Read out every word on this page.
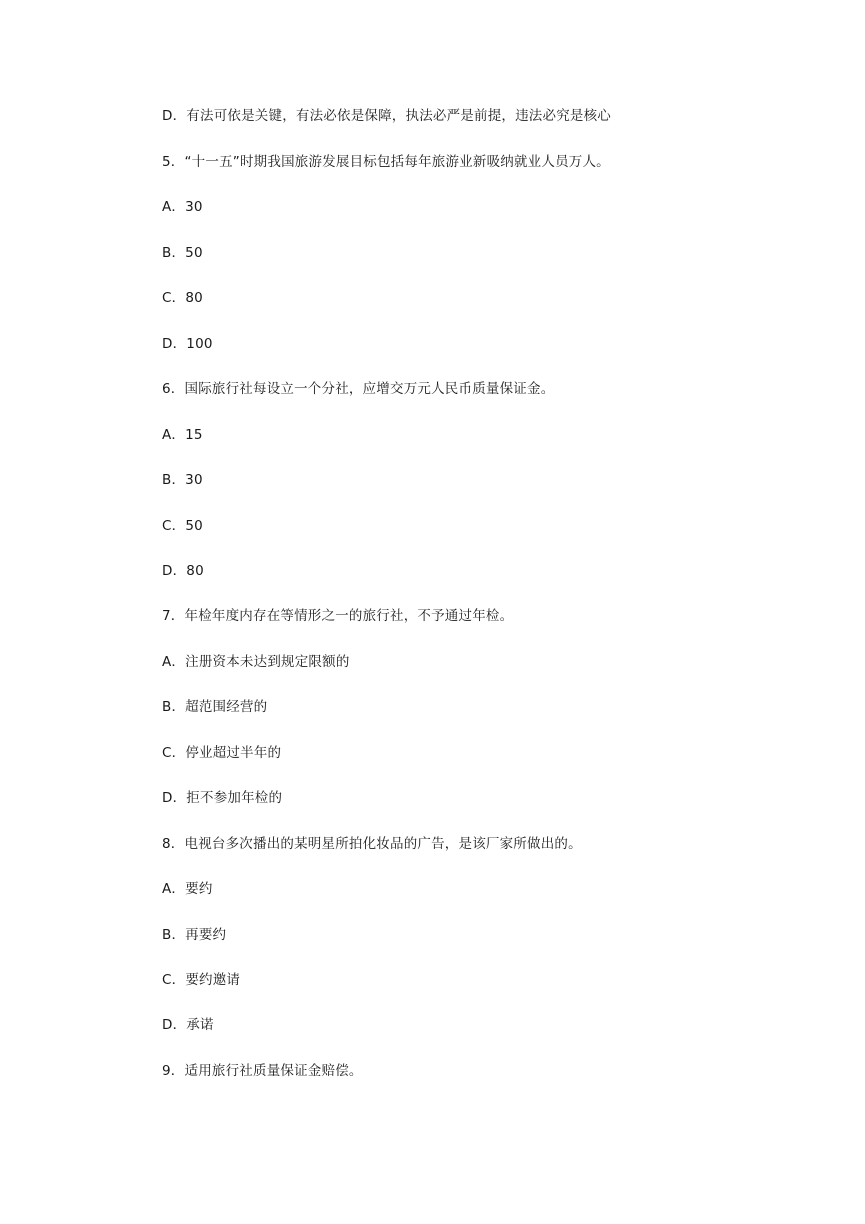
D．有法可依是关键，有法必依是保障，执法必严是前提，违法必究是核心
5．“十一五”时期我国旅游发展目标包括每年旅游业新吸纳就业人员万人。
A．30
B．50
C．80
D．100
6．国际旅行社每设立一个分社，应增交万元人民币质量保证金。
A．15
B．30
C．50
D．80
7．年检年度内存在等情形之一的旅行社，不予通过年检。
A．注册资本未达到规定限额的
B．超范围经营的
C．停业超过半年的
D．拒不参加年检的
8．电视台多次播出的某明星所拍化妆品的广告，是该厂家所做出的。
A．要约
B．再要约
C．要约邀请
D．承诺
9．适用旅行社质量保证金赔偿。
